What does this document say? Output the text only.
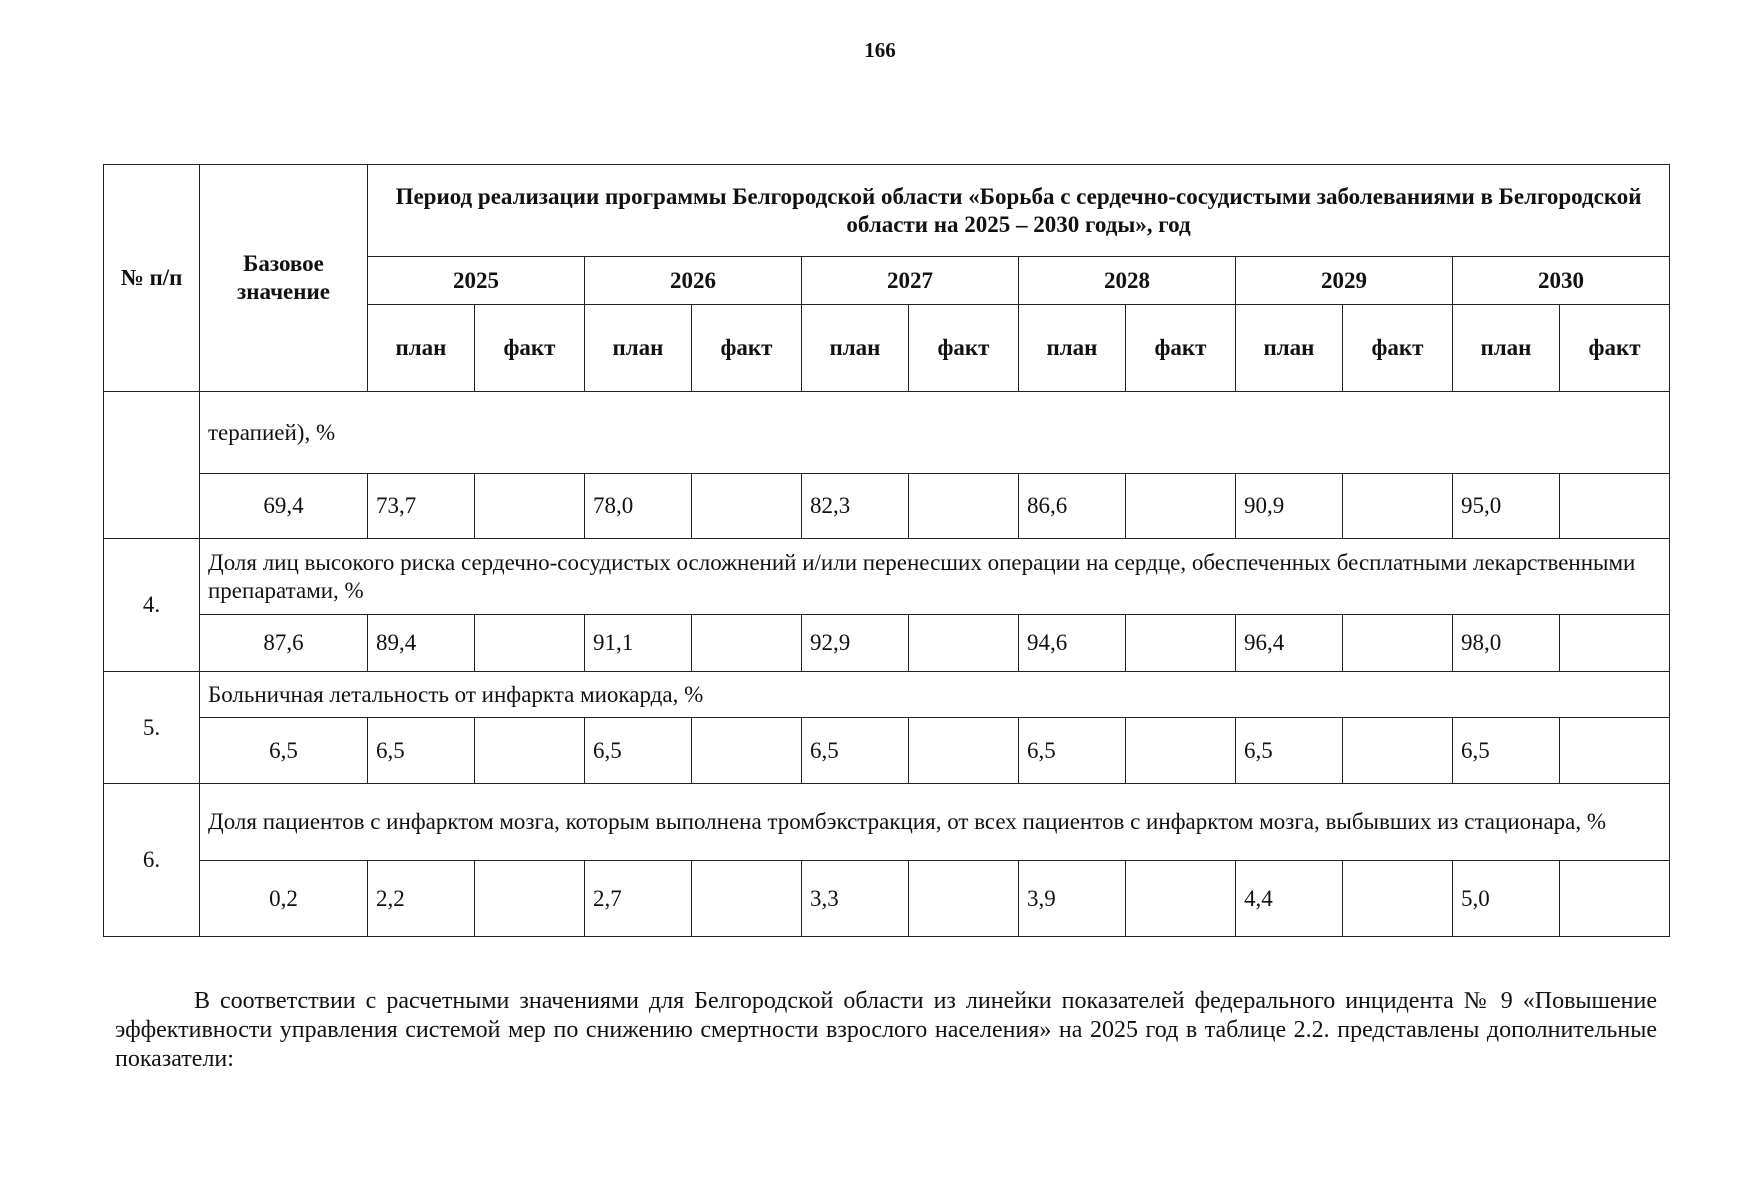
166
№ п/п	Базовое значение	Период реализации программы Белгородской области «Борьба с сердечно-сосудистыми заболеваниями в Белгородской области на 2025 – 2030 годы», год											
		2025		2026		2027		2028		2029		2030	
		план	факт	план	факт	план	факт	план	факт	план	факт	план	факт
	терапией), %												
	69,4	73,7		78,0		82,3		86,6		90,9		95,0	
4.	Доля лиц высокого риска сердечно-сосудистых осложнений и/или перенесших операции на сердце, обеспеченных бесплатными лекарственными препаратами, %												
	87,6	89,4		91,1		92,9		94,6		96,4		98,0	
5.	Больничная летальность от инфаркта миокарда, %												
	6,5	6,5		6,5		6,5		6,5		6,5		6,5	
6.	Доля пациентов с инфарктом мозга, которым выполнена тромбэкстракция, от всех пациентов с инфарктом мозга, выбывших из стационара, %												
	0,2	2,2		2,7		3,3		3,9		4,4		5,0	

В соответствии с расчетными значениями для Белгородской области из линейки показателей федерального инцидента № 9 «Повышение эффективности управления системой мер по снижению смертности взрослого населения» на 2025 год в таблице 2.2. представлены дополнительные показатели:
